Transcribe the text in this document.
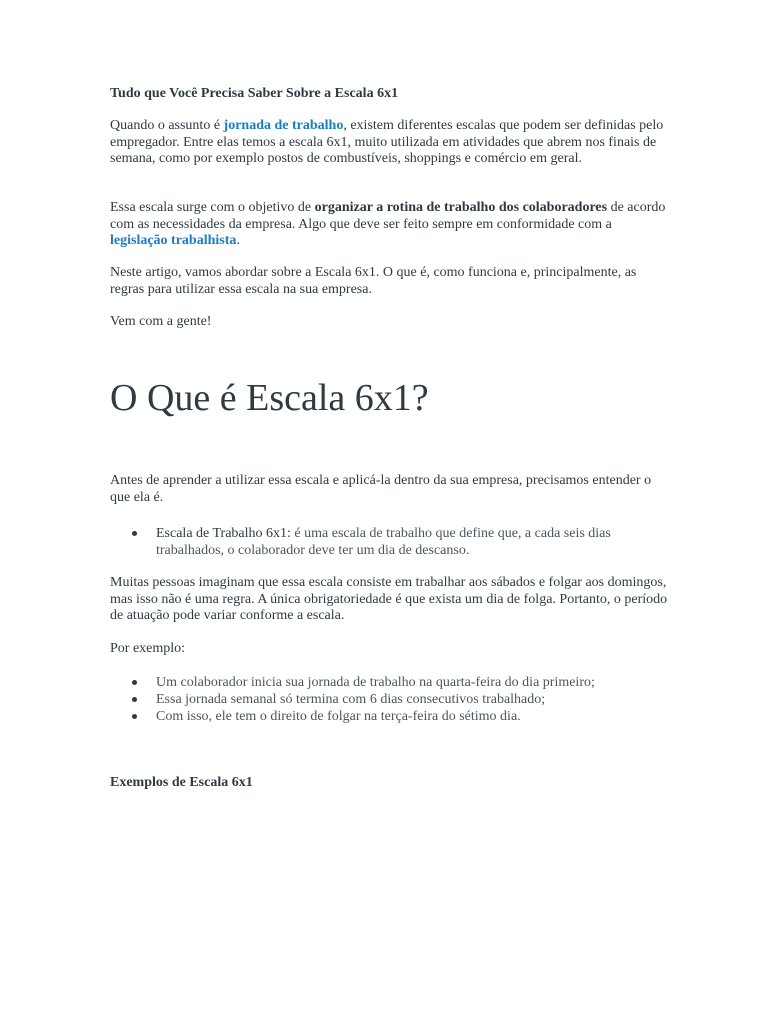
Tudo que Você Precisa Saber Sobre a Escala 6x1

Quando o assunto é jornada de trabalho, existem diferentes escalas que podem ser definidas pelo empregador. Entre elas temos a escala 6x1, muito utilizada em atividades que abrem nos finais de semana, como por exemplo postos de combustíveis, shoppings e comércio em geral.

Essa escala surge com o objetivo de organizar a rotina de trabalho dos colaboradores de acordo com as necessidades da empresa. Algo que deve ser feito sempre em conformidade com a legislação trabalhista.

Neste artigo, vamos abordar sobre a Escala 6x1. O que é, como funciona e, principalmente, as regras para utilizar essa escala na sua empresa.

Vem com a gente!

O Que é Escala 6x1?

Antes de aprender a utilizar essa escala e aplicá-la dentro da sua empresa, precisamos entender o que ela é.

Escala de Trabalho 6x1: é uma escala de trabalho que define que, a cada seis dias trabalhados, o colaborador deve ter um dia de descanso.

Muitas pessoas imaginam que essa escala consiste em trabalhar aos sábados e folgar aos domingos, mas isso não é uma regra. A única obrigatoriedade é que exista um dia de folga. Portanto, o período de atuação pode variar conforme a escala.

Por exemplo:

Um colaborador inicia sua jornada de trabalho na quarta-feira do dia primeiro;
Essa jornada semanal só termina com 6 dias consecutivos trabalhado;
Com isso, ele tem o direito de folgar na terça-feira do sétimo dia.
Exemplos de Escala 6x1
